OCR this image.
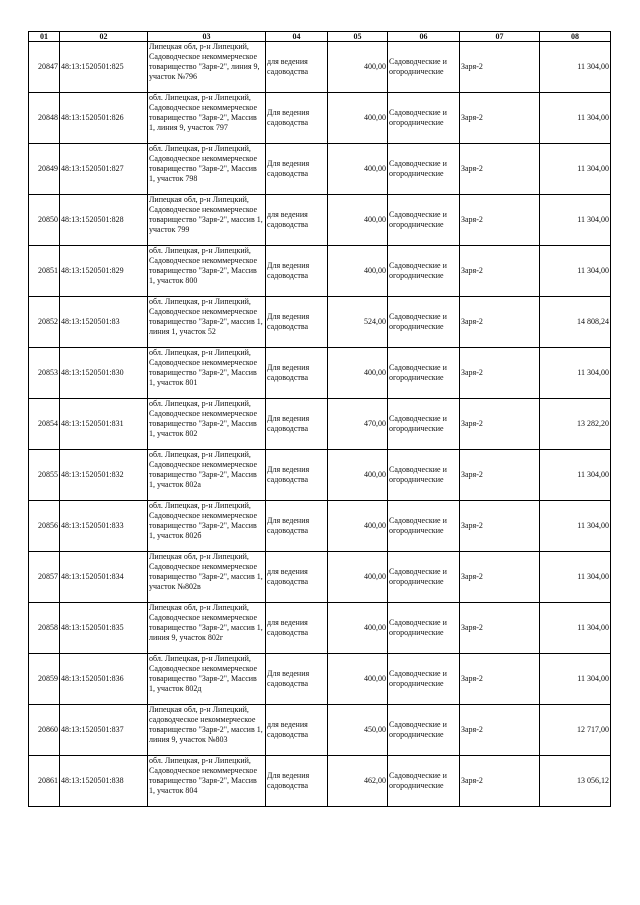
01	02	03	04	05	06	07	08
20847	48:13:1520501:825	Липецкая обл, р-н Липецкий, Садоводческое некоммерческое товарищество "Заря-2", линия 9, участок №796	для ведения садоводства	400,00	Садоводческие и огороднические	Заря-2	11 304,00
20848	48:13:1520501:826	обл. Липецкая, р-н Липецкий, Садоводческое некоммерческое товарищество "Заря-2", Массив 1, линия 9, участок 797	Для ведения садоводства	400,00	Садоводческие и огороднические	Заря-2	11 304,00
20849	48:13:1520501:827	обл. Липецкая, р-н Липецкий, Садоводческое некоммерческое товарищество "Заря-2", Массив 1, участок 798	Для ведения садоводства	400,00	Садоводческие и огороднические	Заря-2	11 304,00
20850	48:13:1520501:828	Липецкая обл, р-н Липецкий, Садоводческое некоммерческое товарищество "Заря-2", массив 1, участок 799	для ведения садоводства	400,00	Садоводческие и огороднические	Заря-2	11 304,00
20851	48:13:1520501:829	обл. Липецкая, р-н Липецкий, Садоводческое некоммерческое товарищество "Заря-2", Массив 1, участок 800	Для ведения садоводства	400,00	Садоводческие и огороднические	Заря-2	11 304,00
20852	48:13:1520501:83	обл. Липецкая, р-н Липецкий, Садоводческое некоммерческое товарищество "Заря-2", массив 1, линия 1, участок 52	Для ведения садоводства	524,00	Садоводческие и огороднические	Заря-2	14 808,24
20853	48:13:1520501:830	обл. Липецкая, р-н Липецкий, Садоводческое некоммерческое товарищество "Заря-2", Массив 1, участок 801	Для ведения садоводства	400,00	Садоводческие и огороднические	Заря-2	11 304,00
20854	48:13:1520501:831	обл. Липецкая, р-н Липецкий, Садоводческое некоммерческое товарищество "Заря-2", Массив 1, участок 802	Для ведения садоводства	470,00	Садоводческие и огороднические	Заря-2	13 282,20
20855	48:13:1520501:832	обл. Липецкая, р-н Липецкий, Садоводческое некоммерческое товарищество "Заря-2", Массив 1, участок 802а	Для ведения садоводства	400,00	Садоводческие и огороднические	Заря-2	11 304,00
20856	48:13:1520501:833	обл. Липецкая, р-н Липецкий, Садоводческое некоммерческое товарищество "Заря-2", Массив 1, участок 802б	Для ведения садоводства	400,00	Садоводческие и огороднические	Заря-2	11 304,00
20857	48:13:1520501:834	Липецкая обл, р-н Липецкий, Садоводческое некоммерческое товарищество "Заря-2", массив 1, участок №802в	для ведения садоводства	400,00	Садоводческие и огороднические	Заря-2	11 304,00
20858	48:13:1520501:835	Липецкая обл, р-н Липецкий, Садоводческое некоммерческое товарищество "Заря-2", массив 1, линия 9, участок 802г	для ведения садоводства	400,00	Садоводческие и огороднические	Заря-2	11 304,00
20859	48:13:1520501:836	обл. Липецкая, р-н Липецкий, Садоводческое некоммерческое товарищество "Заря-2", Массив 1, участок 802д	Для ведения садоводства	400,00	Садоводческие и огороднические	Заря-2	11 304,00
20860	48:13:1520501:837	Липецкая обл, р-н Липецкий, садоводческое некоммерческое товарищество "Заря-2", массив 1, линия 9, участок №803	для ведения садоводства	450,00	Садоводческие и огороднические	Заря-2	12 717,00
20861	48:13:1520501:838	обл. Липецкая, р-н Липецкий, Садоводческое некоммерческое товарищество "Заря-2", Массив 1, участок 804	Для ведения садоводства	462,00	Садоводческие и огороднические	Заря-2	13 056,12
